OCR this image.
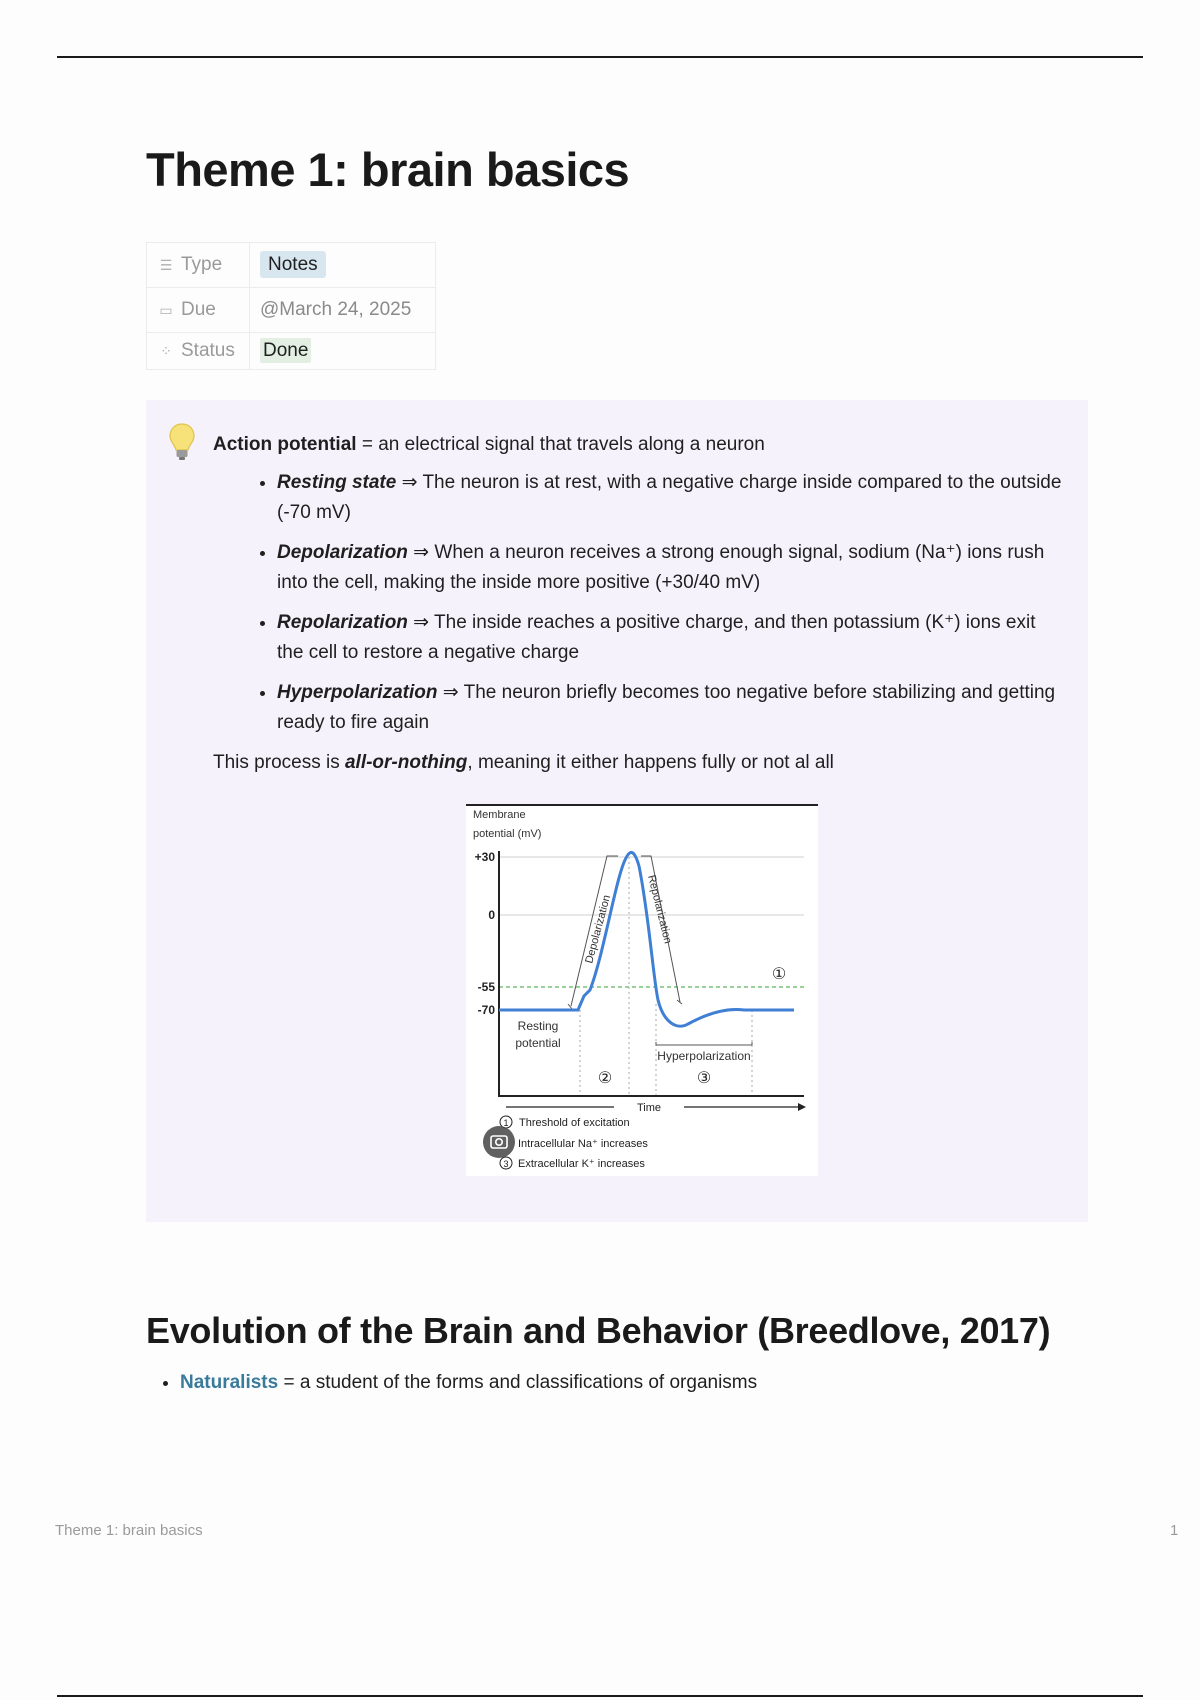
Theme 1: brain basics
☰ Type	Notes
▭ Due	@March 24, 2025
⁘ Status	Done

Action potential = an electrical signal that travels along a neuron

• Resting state ⇒ The neuron is at rest, with a negative charge inside compared to the outside (-70 mV)
• Depolarization ⇒ When a neuron receives a strong enough signal, sodium (Na⁺) ions rush into the cell, making the inside more positive (+30/40 mV)
• Repolarization ⇒ The inside reaches a positive charge, and then potassium (K⁺) ions exit the cell to restore a negative charge
• Hyperpolarization ⇒ The neuron briefly becomes too negative before stabilizing and getting ready to fire again

This process is all-or-nothing, meaning it either happens fully or not al all

Membrane
potential (mV)
+30
0
-55
-70
Depolarization	Repolarization
①
Resting
potential
Hyperpolarization
②	③
Time
1 Threshold of excitation
3
Intracellular Na⁺ increases
Extracellular K⁺ increases
Evolution of the Brain and Behavior (Breedlove, 2017)
• Naturalists = a student of the forms and classifications of organisms
Theme 1: brain basics	1
